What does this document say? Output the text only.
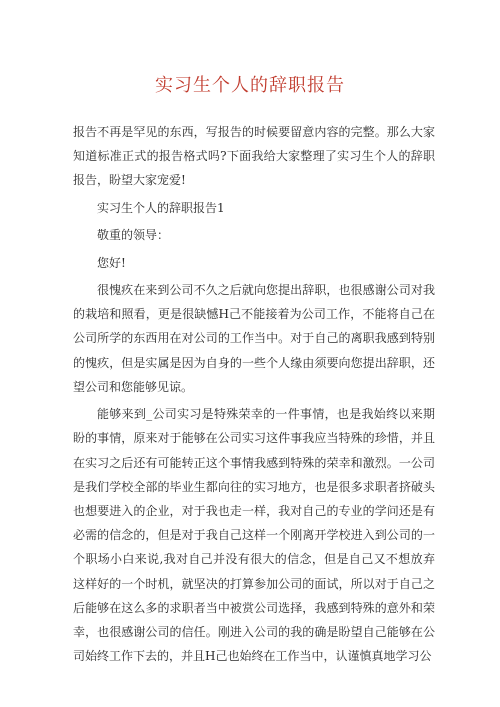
实习生个人的辞职报告

报告不再是罕见的东西，写报告的时候要留意内容的完整。那么大家知道标准正式的报告格式吗?下面我给大家整理了实习生个人的辞职报告，盼望大家宠爱!

实习生个人的辞职报告1

敬重的领导：

您好!

很愧疚在来到公司不久之后就向您提出辞职，也很感谢公司对我的栽培和照看，更是很缺憾H己不能接着为公司工作，不能将自己在公司所学的东西用在对公司的工作当中。对于自己的离职我感到特别的愧疚，但是实属是因为自身的一些个人缘由须要向您提出辞职，还望公司和您能够见谅。

能够来到_公司实习是特殊荣幸的一件事情，也是我始终以来期盼的事情，原来对于能够在公司实习这件事我应当特殊的珍惜，并且在实习之后还有可能转正这个事情我感到特殊的荣幸和激烈。一公司是我们学校全部的毕业生都向往的实习地方，也是很多求职者挤破头也想要进入的企业，对于我也走一样，我对自己的专业的学问还是有必需的信念的，但是对于我自己这样一个刚离开学校进入到公司的一个职场小白来说,我对自己并没有很大的信念，但是自己又不想放弃这样好的一个时机，就坚决的打算参加公司的面试，所以对于自己之后能够在这么多的求职者当中被赏公司选择，我感到特殊的意外和荣幸，也很感谢公司的信任。刚进入公司的我的确是盼望自己能够在公司始终工作下去的，并且H己也始终在工作当中，认谨慎真地学习公
